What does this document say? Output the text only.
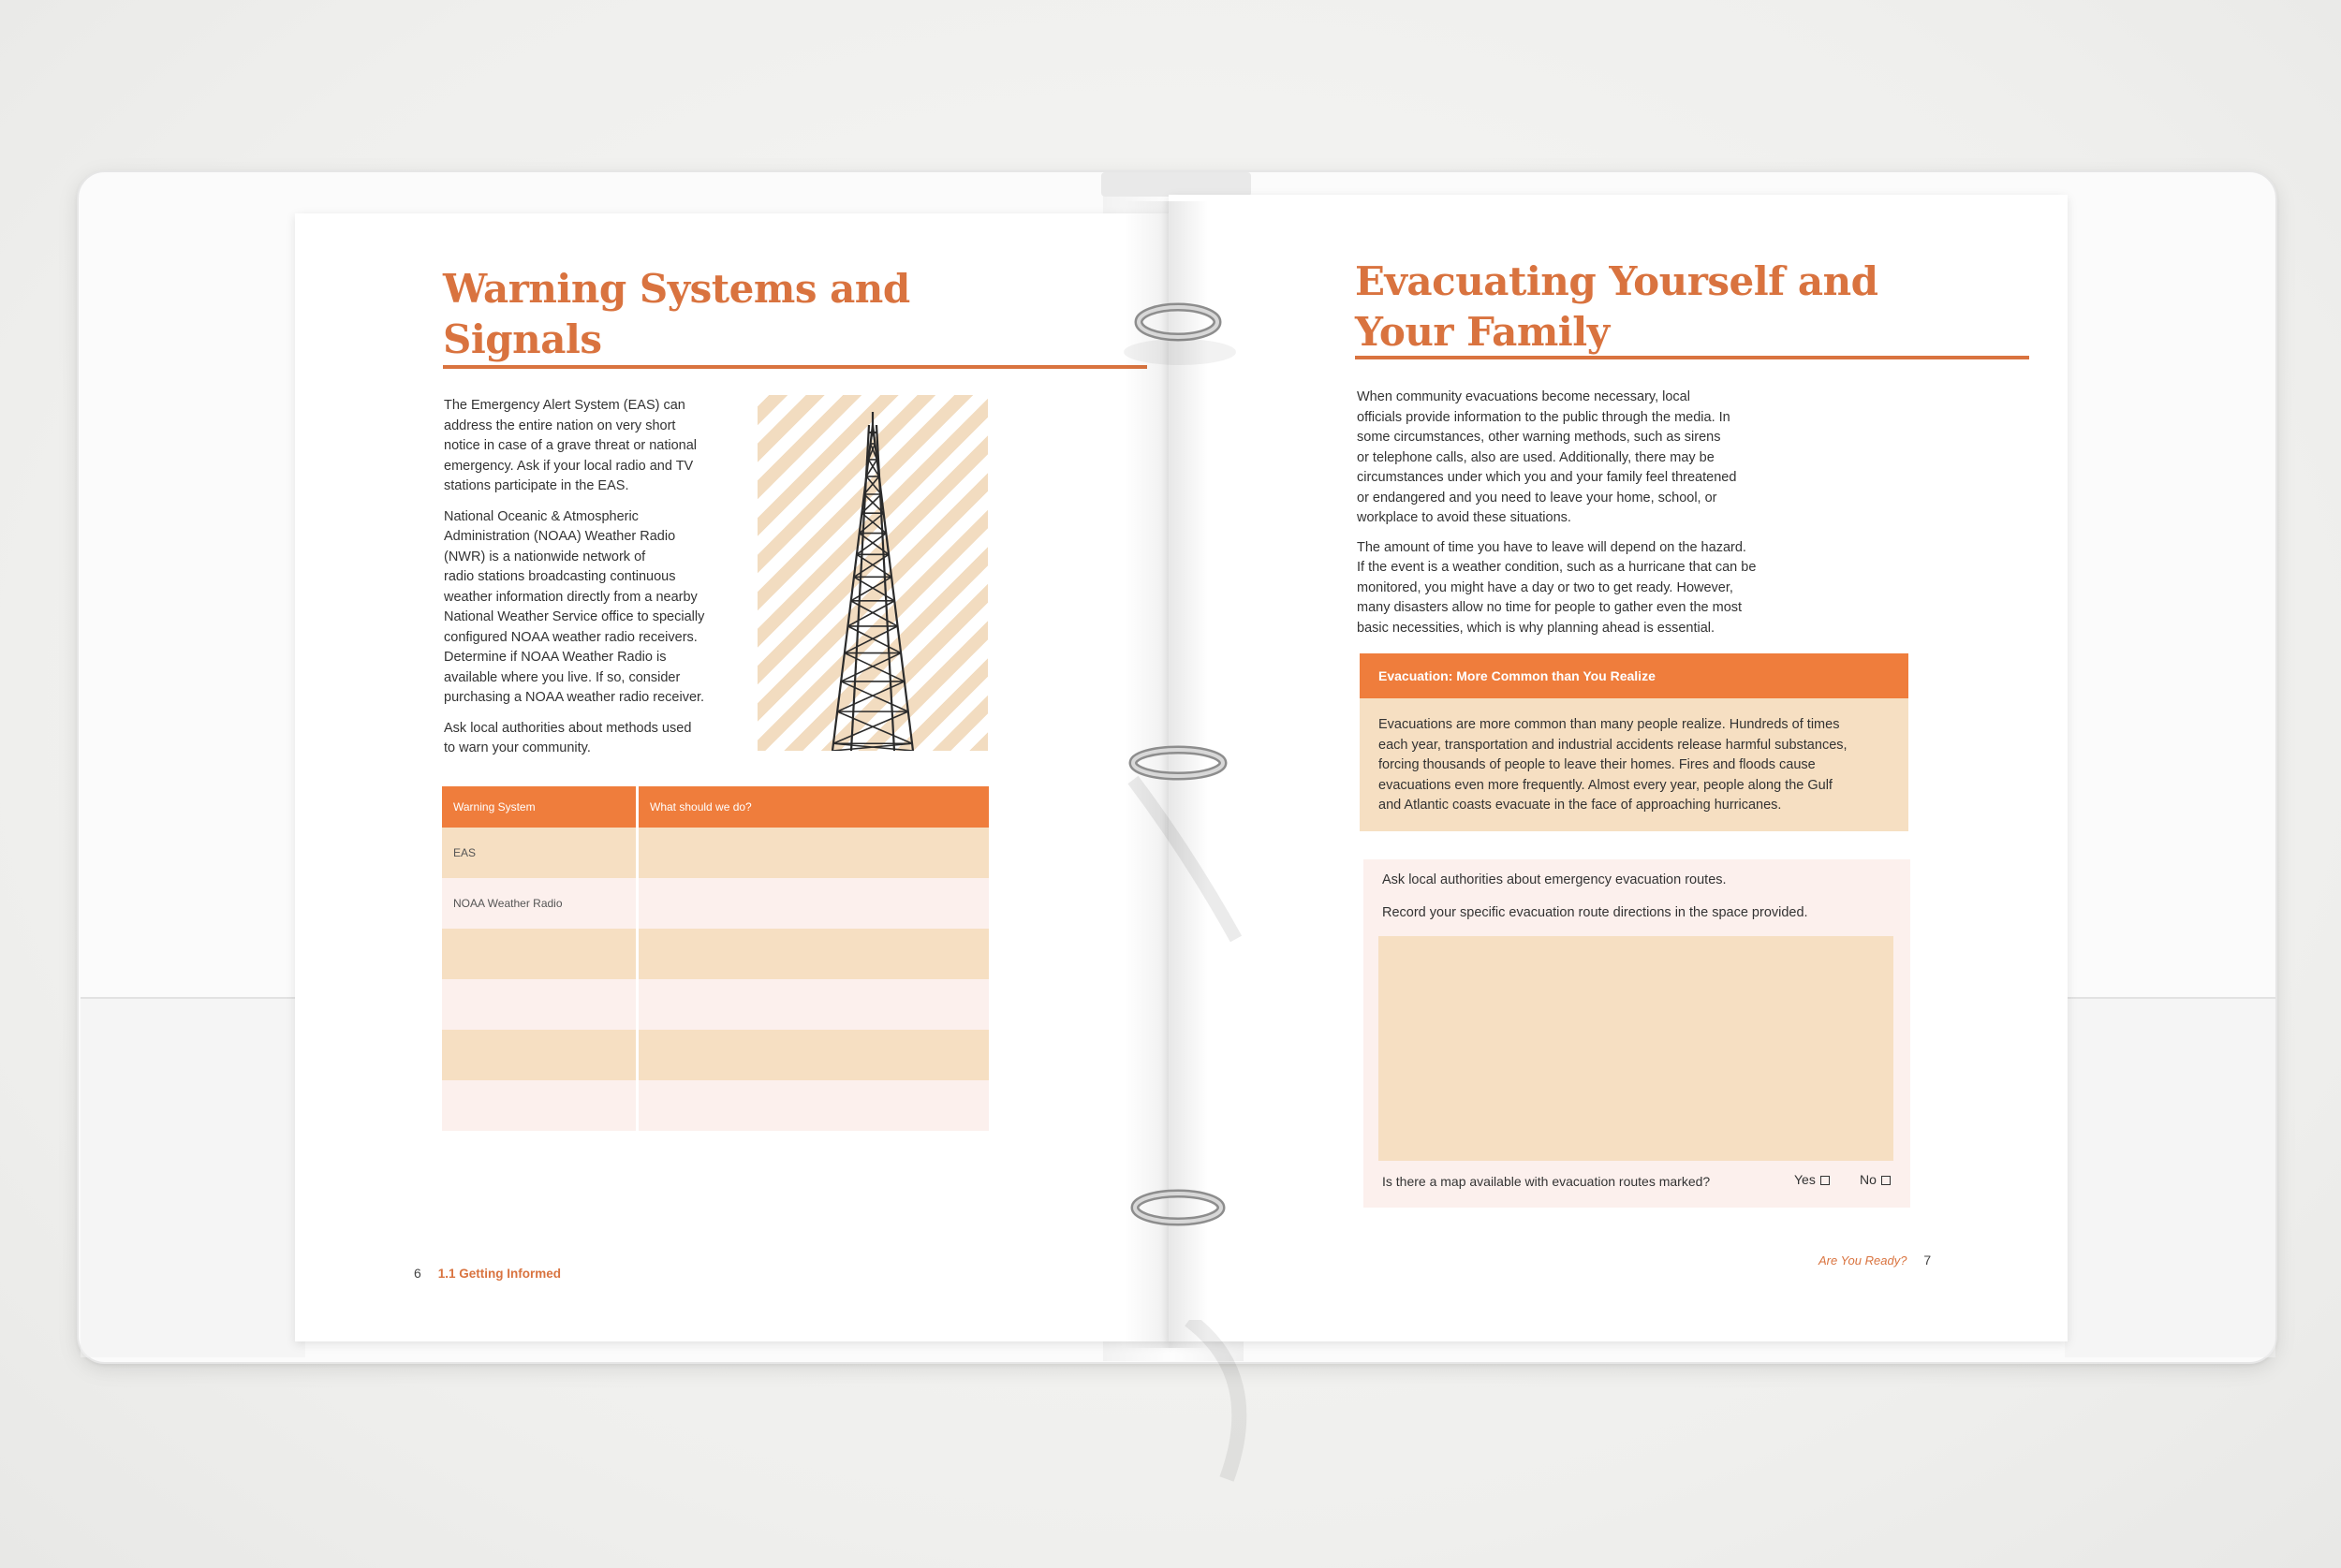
Warning Systems and
Signals

The Emergency Alert System (EAS) can
address the entire nation on very short
notice in case of a grave threat or national
emergency. Ask if your local radio and TV
stations participate in the EAS.

National Oceanic & Atmospheric
Administration (NOAA) Weather Radio
(NWR) is a nationwide network of
radio stations broadcasting continuous
weather information directly from a nearby
National Weather Service office to specially
configured NOAA weather radio receivers.
Determine if NOAA Weather Radio is
available where you live. If so, consider
purchasing a NOAA weather radio receiver.

Ask local authorities about methods used
to warn your community.

Warning System	What should we do?
EAS
NOAA Weather Radio
6 1.1 Getting Informed
Evacuating Yourself and
Your Family

When community evacuations become necessary, local
officials provide information to the public through the media. In
some circumstances, other warning methods, such as sirens
or telephone calls, also are used. Additionally, there may be
circumstances under which you and your family feel threatened
or endangered and you need to leave your home, school, or
workplace to avoid these situations.

The amount of time you have to leave will depend on the hazard.
If the event is a weather condition, such as a hurricane that can be
monitored, you might have a day or two to get ready. However,
many disasters allow no time for people to gather even the most
basic necessities, which is why planning ahead is essential.

Evacuation: More Common than You Realize
Evacuations are more common than many people realize. Hundreds of times
each year, transportation and industrial accidents release harmful substances,
forcing thousands of people to leave their homes. Fires and floods cause
evacuations even more frequently. Almost every year, people along the Gulf
and Atlantic coasts evacuate in the face of approaching hurricanes.
Ask local authorities about emergency evacuation routes.
Record your specific evacuation route directions in the space provided.
Is there a map available with evacuation routes marked?	Yes	No
Are You Ready? 7
